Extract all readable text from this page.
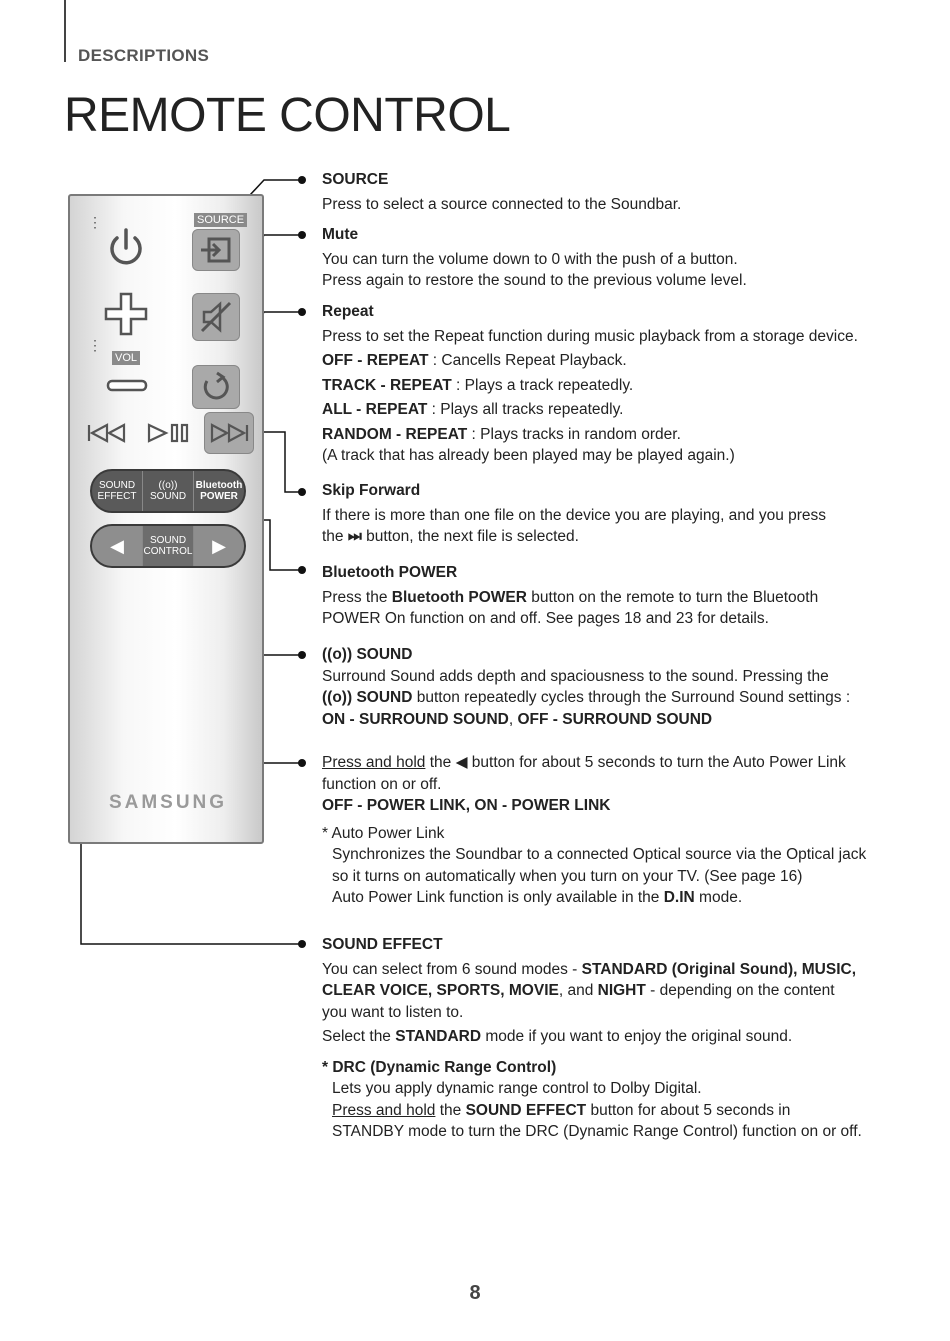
DESCRIPTIONS
REMOTE CONTROL
⋮	SOURCE
⋮
VOL
SOUND
EFFECT
((o))
SOUND
Bluetooth
POWER
◀	SOUND
CONTROL ▶
SAMSUNG

SOURCE

Press to select a source connected to the Soundbar.

Mute

You can turn the volume down to 0 with the push of a button.

Press again to restore the sound to the previous volume level.

Repeat

Press to set the Repeat function during music playback from a storage device.

OFF - REPEAT : Cancells Repeat Playback.

TRACK - REPEAT : Plays a track repeatedly.

ALL - REPEAT : Plays all tracks repeatedly.

RANDOM - REPEAT : Plays tracks in random order.

(A track that has already been played may be played again.)

Skip Forward

If there is more than one file on the device you are playing, and you press

the ⏭ button, the next file is selected.

Bluetooth POWER

Press the Bluetooth POWER button on the remote to turn the Bluetooth

POWER On function on and off. See pages 18 and 23 for details.

((o)) SOUND

Surround Sound adds depth and spaciousness to the sound. Pressing the

((o)) SOUND button repeatedly cycles through the Surround Sound settings :

ON - SURROUND SOUND, OFF - SURROUND SOUND

Press and hold the ◀ button for about 5 seconds to turn the Auto Power Link

function on or off.

OFF - POWER LINK, ON - POWER LINK

* Auto Power Link

Synchronizes the Soundbar to a connected Optical source via the Optical jack

so it turns on automatically when you turn on your TV. (See page 16)

Auto Power Link function is only available in the D.IN mode.

SOUND EFFECT

You can select from 6 sound modes - STANDARD (Original Sound), MUSIC,

CLEAR VOICE, SPORTS, MOVIE, and NIGHT - depending on the content

you want to listen to.

Select the STANDARD mode if you want to enjoy the original sound.

* DRC (Dynamic Range Control)

Lets you apply dynamic range control to Dolby Digital.

Press and hold the SOUND EFFECT button for about 5 seconds in

STANDBY mode to turn the DRC (Dynamic Range Control) function on or off.

8
